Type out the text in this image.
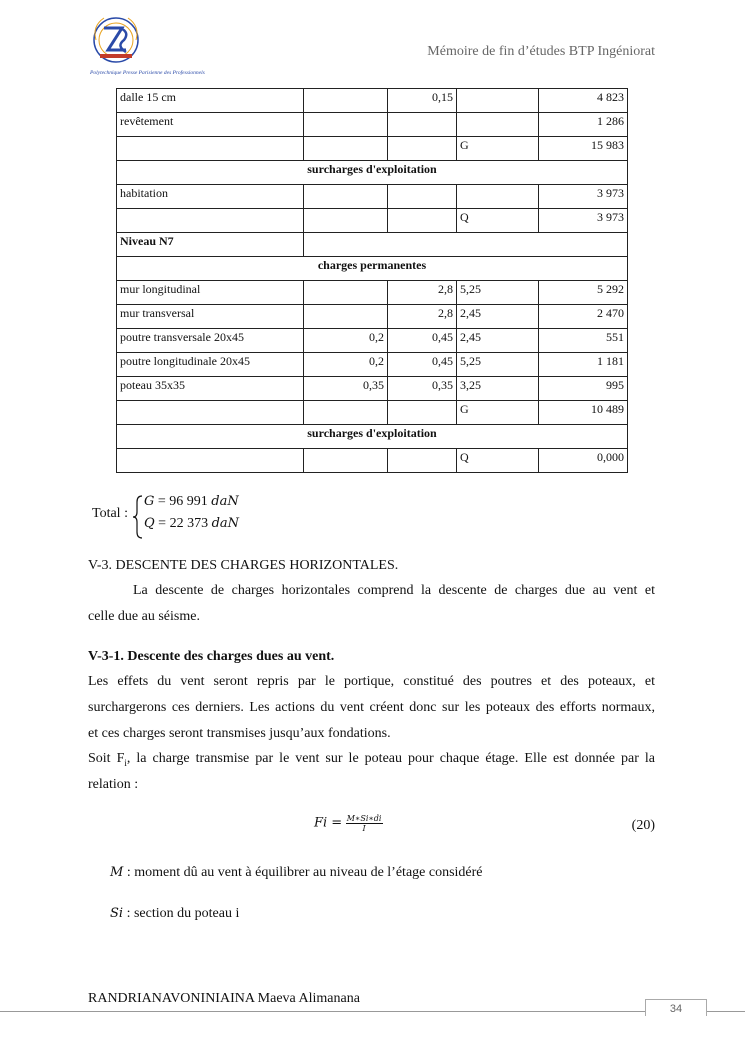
Polytechnique Presse Parisienne des Professionnels
Mémoire de fin d’études BTP Ingéniorat
dalle 15 cm		0,15		4 823
revêtement				1 286
			G	15 983
surcharges d'exploitation				
habitation				3 973
			Q	3 973
Niveau N7				
charges permanentes				
mur longitudinal		2,8	5,25	5 292
mur transversal		2,8	2,45	2 470
poutre transversale 20x45	0,2	0,45	2,45	551
poutre longitudinale 20x45	0,2	0,45	5,25	1 181
poteau 35x35	0,35	0,35	3,25	995
			G	10 489
surcharges d'exploitation				
			Q	0,000
Total :
G = 96 991 daN
Q = 22 373 daN
V-3. DESCENTE DES CHARGES HORIZONTALES.
La descente de charges horizontales comprend la descente de charges due au vent et
celle due au séisme.
V-3-1. Descente des charges dues au vent.
Les effets du vent seront repris par le portique, constitué des poutres et des poteaux, et
surchargerons ces derniers. Les actions du vent créent donc sur les poteaux des efforts normaux,
et ces charges seront transmises jusqu’aux fondations.
Soit $F_i$, la charge transmise par le vent sur le poteau pour chaque étage. Elle est donnée par la
relation :
$Fi = \frac{M∗Si∗di}{I}$	(20)
M : moment dû au vent à équilibrer au niveau de l’étage considéré
Si : section du poteau i
RANDRIANAVONINIAINA Maeva Alimanana
34
